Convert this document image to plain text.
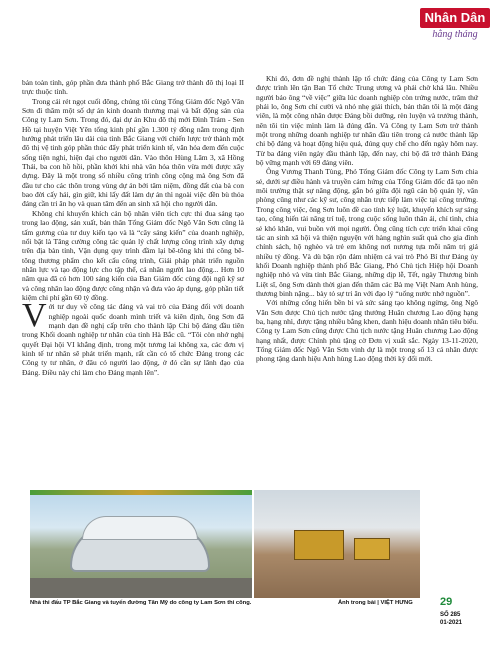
Nhân Dân
hằng tháng

bản toàn tỉnh, góp phần đưa thành phố Bắc Giang trở thành đô thị loại II trực thuộc tỉnh.

Trong cái rét ngọt cuối đông, chúng tôi cùng Tổng Giám đốc Ngô Văn Sơn đi thăm một số dự án kinh doanh thương mại và bất động sản của Công ty Lam Sơn. Trong đó, đại dự án Khu đô thị mới Đình Trám - Sen Hồ tại huyện Việt Yên tổng kinh phí gần 1.300 tỷ đồng nằm trong định hướng phát triển lâu dài của tỉnh Bắc Giang với chiến lược trở thành một đô thị vệ tinh góp phần thúc đẩy phát triển kinh tế, văn hóa đem đến cuộc sống tiện nghi, hiện đại cho người dân. Vào thôn Hùng Lãm 3, xã Hồng Thái, ba con hồ hồi, phần khởi khi nhà văn hóa thôn vừa mới được xây dựng. Đây là một trong số nhiều công trình công cộng mà ông Sơn đã đầu tư cho các thôn trong vùng dự án bởi tâm niệm, đồng đất của bà con bao đời cấy hái, gìn giữ, khi lấy đất làm dự án thì ngoài việc đền bù thỏa đáng cần tri ân họ và quan tâm đến an sinh xã hội cho người dân.

Không chỉ khuyến khích cán bộ nhân viên tích cực thi đua sáng tạo trong lao động, sản xuất, bản thân Tổng Giám đốc Ngô Văn Sơn cũng là tấm gương của tư duy kiến tạo và là “cây sáng kiến” của doanh nghiệp, nổi bật là Tăng cường công tác quản lý chất lượng công trình xây dựng trên địa bàn tỉnh, Vận dụng quy trình đầm lại bê-tông khi thi công bê-tông thương phẩm cho kết cấu công trình, Giải pháp phát triển nguồn nhân lực và tạo động lực cho tập thể, cá nhân người lao động... Hơn 10 năm qua đã có hơn 100 sáng kiến của Ban Giám đốc cùng đội ngũ kỹ sư và công nhân lao động được công nhận và đưa vào áp dụng, góp phần tiết kiệm chi phí gần 60 tỷ đồng.

Với tư duy về công tác đảng và vai trò của Đảng đối với doanh nghiệp ngoài quốc doanh mình triết và kiên định, ông Sơn đã mạnh dạn đề nghị cấp trên cho thành lập Chi bộ đảng đầu tiên trong Khối doanh nghiệp tư nhân của tỉnh Hà Bắc cũ. “Tôi còn nhớ nghị quyết Đại hội VI khẳng định, trong một tương lai không xa, các đơn vị kinh tế tư nhân sẽ phát triển mạnh, rất cần có tổ chức Đảng trong các Công ty tư nhân, ở đâu có người lao động, ở đó cần sự lãnh đạo của Đảng. Điều này chỉ làm cho Đảng mạnh lên”.

Khi đó, đơn đề nghị thành lập tổ chức đảng của Công ty Lam Sơn được trình lên tận Ban Tổ chức Trung ương và phải chờ khá lâu. Nhiều người bảo ông “về việc” giữa lúc doanh nghiệp còn trứng nước, trăm thứ phải lo, ông Sơn chỉ cười và nhỏ nhẹ giải thích, bản thân tôi là một đảng viên, là một công nhân được Đảng bồi dưỡng, rèn luyện và trưởng thành, nên tôi tin việc mình làm là đúng đắn. Và Công ty Lam Sơn trở thành một trong những doanh nghiệp tư nhân đầu tiên trong cả nước thành lập chi bộ đảng và hoạt động hiệu quả, đúng quy chế cho đến ngày hôm nay. Từ ba đảng viên ngày đầu thành lập, đến nay, chi bộ đã trở thành Đảng bộ vững mạnh với 69 đảng viên.

Ông Vương Thanh Tùng, Phó Tổng Giám đốc Công ty Lam Sơn chia sẻ, dưới sự điều hành và truyền cảm hứng của Tổng Giám đốc đã tạo nên môi trường thật sự năng động, gắn bó giữa đội ngũ cán bộ quản lý, văn phòng cũng như các kỹ sư, công nhân trực tiếp làm việc tại công trường. Trong công việc, ông Sơn luôn đề cao tính kỷ luật, khuyến khích sự sáng tạo, công hiến tài năng trí tuệ, trong cuộc sống luôn thân ái, chỉ tình, chia sẻ khó khăn, vui buồn với mọi người. Ông cũng tích cực triển khai công tác an sinh xã hội và thiện nguyện với hàng nghìn suất quà cho gia đình chính sách, hộ nghèo và trẻ em không nơi nương tựa mỗi năm trị giá nhiều tỷ đồng. Và dù bận rộn đảm nhiệm cả vai trò Phó Bí thư Đảng ủy khối Doanh nghiệp thành phố Bắc Giang, Phó Chủ tịch Hiệp hội Doanh nghiệp nhỏ và vừa tỉnh Bắc Giang, những dịp lễ, Tết, ngày Thương binh Liệt sĩ, ông Sơn dành thời gian đến thăm các Bà mẹ Việt Nam Anh hùng, thương binh nặng... bày tỏ sự tri ân với đạo lý “uống nước nhớ nguồn”.

Với những cống hiến bền bỉ và sức sáng tạo không ngừng, ông Ngô Văn Sơn được Chủ tịch nước tặng thưởng Huân chương Lao động hạng ba, hạng nhì, được tặng nhiều bằng khen, danh hiệu doanh nhân tiêu biểu. Công ty Lam Sơn cũng được Chủ tịch nước tặng Huân chương Lao động hạng nhất, được Chính phủ tặng cờ Đơn vị xuất sắc. Ngày 13-11-2020, Tổng Giám đốc Ngô Văn Sơn vinh dự là một trong số 13 cá nhân được phong tặng danh hiệu Anh hùng Lao động thời kỳ đổi mới.

Nhà thi đấu TP Bắc Giang và tuyến đường Tân Mỹ do công ty Lam Sơn thi công.	Ảnh trong bài | VIỆT HƯNG 29
SỐ 285
01-2021
